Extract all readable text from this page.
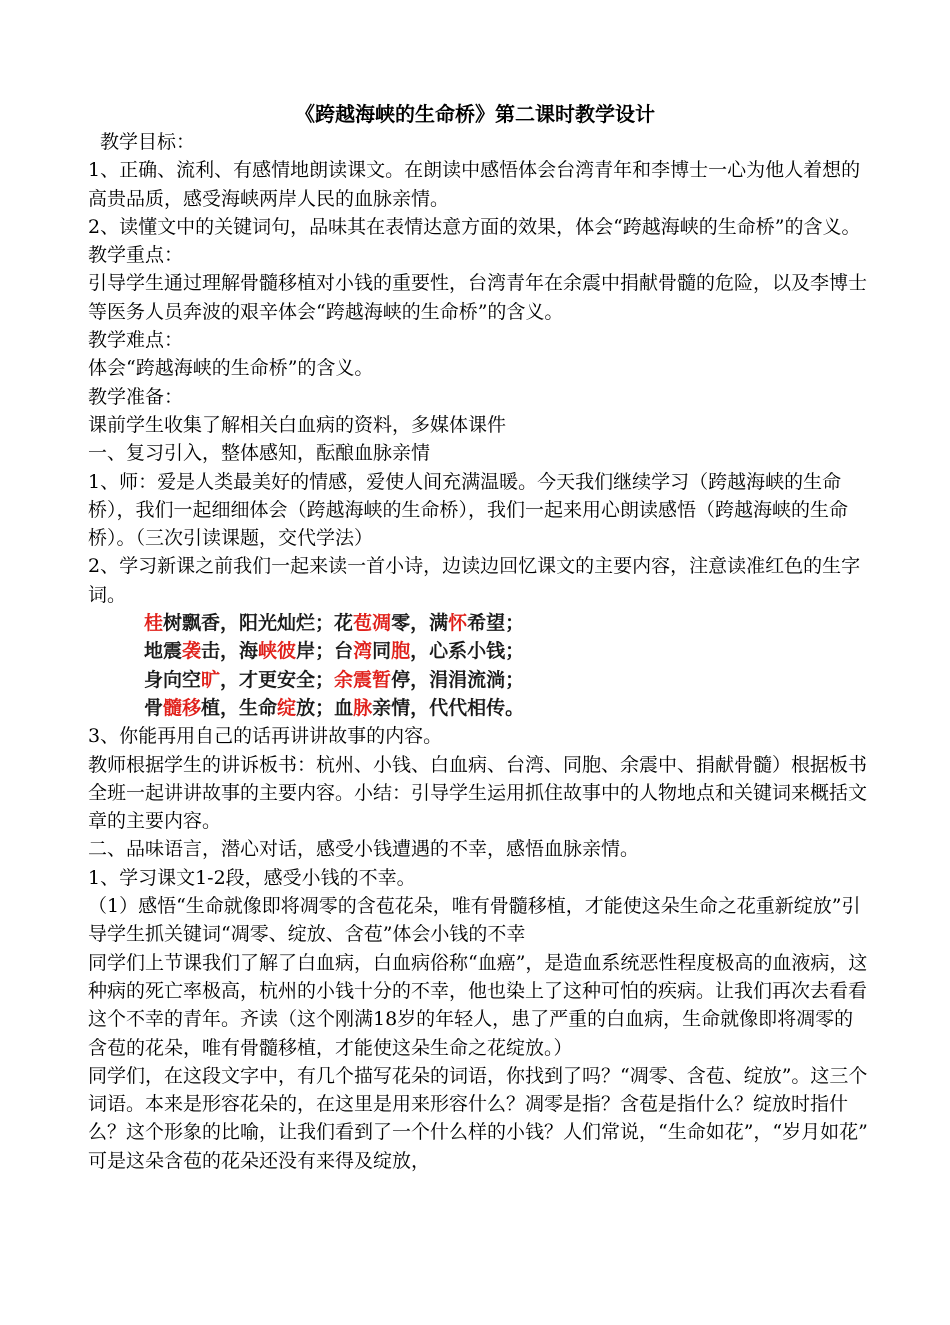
《跨越海峡的生命桥》第二课时教学设计

教学目标：

1、正确、流利、有感情地朗读课文。在朗读中感悟体会台湾青年和李博士一心为他人着想的高贵品质，感受海峡两岸人民的血脉亲情。

2、读懂文中的关键词句，品味其在表情达意方面的效果，体会“跨越海峡的生命桥”的含义。

教学重点：

引导学生通过理解骨髓移植对小钱的重要性，台湾青年在余震中捐献骨髓的危险，以及李博士等医务人员奔波的艰辛体会“跨越海峡的生命桥”的含义。

教学难点：

体会“跨越海峡的生命桥”的含义。

教学准备：

课前学生收集了解相关白血病的资料，多媒体课件

一、复习引入，整体感知，酝酿血脉亲情

1、师：爱是人类最美好的情感，爱使人间充满温暖。今天我们继续学习（跨越海峡的生命桥），我们一起细细体会（跨越海峡的生命桥），我们一起来用心朗读感悟（跨越海峡的生命桥）。（三次引读课题，交代学法）

2、学习新课之前我们一起来读一首小诗，边读边回忆课文的主要内容，注意读准红色的生字词。

桂树飘香，阳光灿烂；花苞凋零，满怀希望；
地震袭击，海峡彼岸；台湾同胞，心系小钱；
身向空旷，才更安全；余震暂停，涓涓流淌；
骨髓移植，生命绽放；血脉亲情，代代相传。

3、你能再用自己的话再讲讲故事的内容。

教师根据学生的讲诉板书：杭州、小钱、白血病、台湾、同胞、余震中、捐献骨髓）根据板书全班一起讲讲故事的主要内容。小结：引导学生运用抓住故事中的人物地点和关键词来概括文章的主要内容。

二、品味语言，潜心对话，感受小钱遭遇的不幸，感悟血脉亲情。

1、学习课文1-2段，感受小钱的不幸。

（1）感悟“生命就像即将凋零的含苞花朵，唯有骨髓移植，才能使这朵生命之花重新绽放”引导学生抓关键词“凋零、绽放、含苞”体会小钱的不幸

同学们上节课我们了解了白血病，白血病俗称“血癌”，是造血系统恶性程度极高的血液病，这种病的死亡率极高，杭州的小钱十分的不幸，他也染上了这种可怕的疾病。让我们再次去看看这个不幸的青年。齐读（这个刚满18岁的年轻人，患了严重的白血病，生命就像即将凋零的含苞的花朵，唯有骨髓移植，才能使这朵生命之花绽放。）

同学们，在这段文字中，有几个描写花朵的词语，你找到了吗？“凋零、含苞、绽放”。这三个词语。本来是形容花朵的，在这里是用来形容什么？凋零是指？含苞是指什么？绽放时指什么？这个形象的比喻，让我们看到了一个什么样的小钱？人们常说，“生命如花”，“岁月如花” 可是这朵含苞的花朵还没有来得及绽放，
